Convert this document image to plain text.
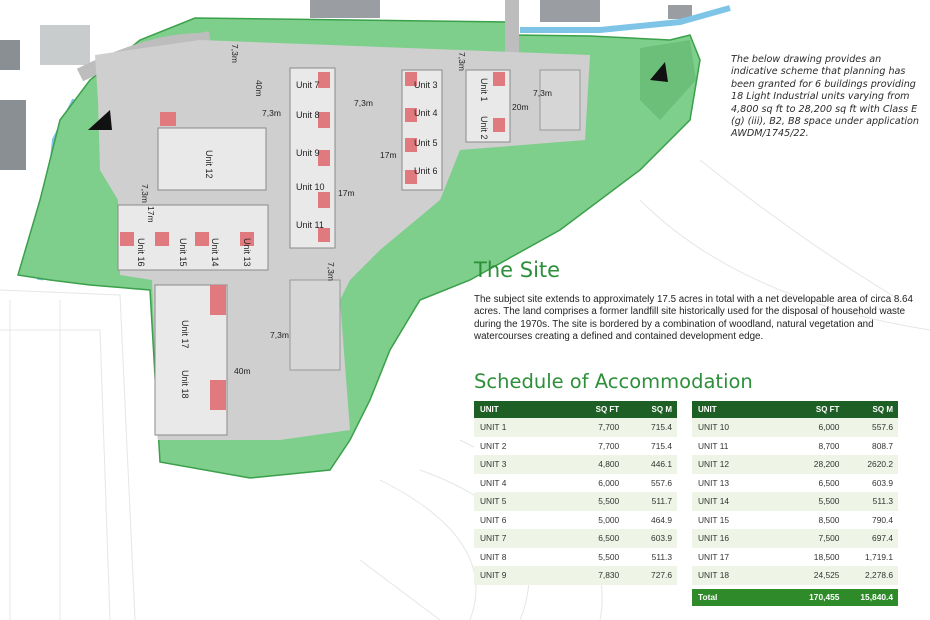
Unit 1
Unit 2
Unit 3
Unit 4
Unit 5
Unit 6
Unit 7
Unit 8
Unit 9
Unit 10
Unit 11
Unit 12
Unit 13
Unit 14
Unit 15
Unit 16
Unit 17
Unit 18
7,3m	7,3m
7,3m
7,3m
7,3m
7,3m
7,3m
7,3m
40m
20m
17m
17m
17m
40m
The below drawing provides an indicative scheme that planning has been granted for 6 buildings providing 18 Light Industrial units varying from 4,800 sq ft to 28,200 sq ft with Class E (g) (iii), B2, B8 space under application AWDM/1745/22.
The Site
The subject site extends to approximately 17.5 acres in total with a net developable area of circa 8.64 acres. The land comprises a former landfill site historically used for the disposal of household waste during the 1970s. The site is bordered by a combination of woodland, natural vegetation and watercourses creating a defined and contained development edge.
Schedule of Accommodation
UNIT	SQ FT	SQ M
UNIT 1	7,700	715.4
UNIT 2	7,700	715.4
UNIT 3	4,800	446.1
UNIT 4	6,000	557.6
UNIT 5	5,500	511.7
UNIT 6	5,000	464.9
UNIT 7	6,500	603.9
UNIT 8	5,500	511.3
UNIT 9	7,830	727.6
UNIT	SQ FT	SQ M
UNIT 10	6,000	557.6
UNIT 11	8,700	808.7
UNIT 12	28,200	2620.2
UNIT 13	6,500	603.9
UNIT 14	5,500	511.3
UNIT 15	8,500	790.4
UNIT 16	7,500	697.4
UNIT 17	18,500	1,719.1
UNIT 18	24,525	2,278.6

Total	170,455	15,840.4
